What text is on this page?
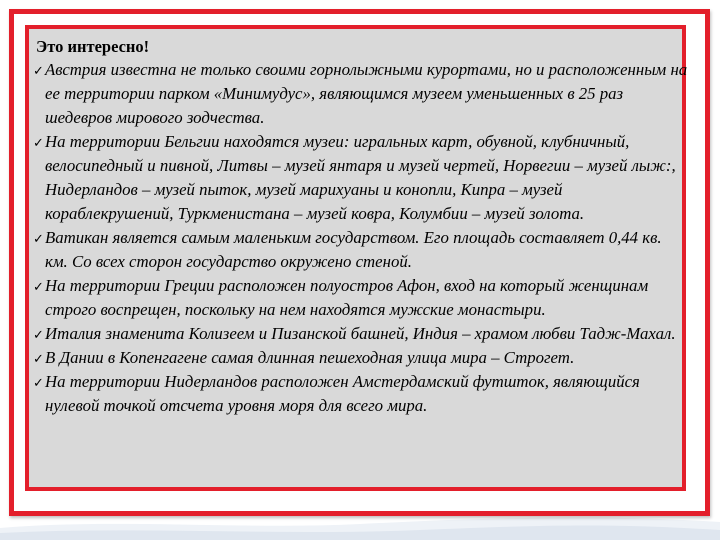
Это интересно!
✓Австрия известна не только своими горнолыжными курортами, но и расположенным на ее территории парком «Минимудус», являющимся музеем уменьшенных в 25 раз шедевров мирового зодчества.
✓На территории Бельгии находятся музеи: игральных карт, обувной, клубничный, велосипедный и пивной, Литвы – музей янтаря и музей чертей, Норвегии – музей лыж:, Нидерландов – музей пыток, музей марихуаны и конопли, Кипра – музей кораблекрушений, Туркменистана – музей ковра, Колумбии – музей золота.
✓Ватикан является самым маленьким государством. Его площадь составляет 0,44 кв. км. Со всех сторон государство окружено стеной.
✓На территории Греции расположен полуостров Афон, вход на который женщинам строго воспрещен, поскольку на нем находятся мужские монастыри.
✓Италия знаменита Колизеем и Пизанской башней, Индия – храмом любви Тадж-Махал.
✓В Дании в Копенгагене самая длинная пешеходная улица мира – Строгет.
✓На территории Нидерландов расположен Амстердамский футшток, являющийся нулевой точкой отсчета уровня моря для всего мира.
